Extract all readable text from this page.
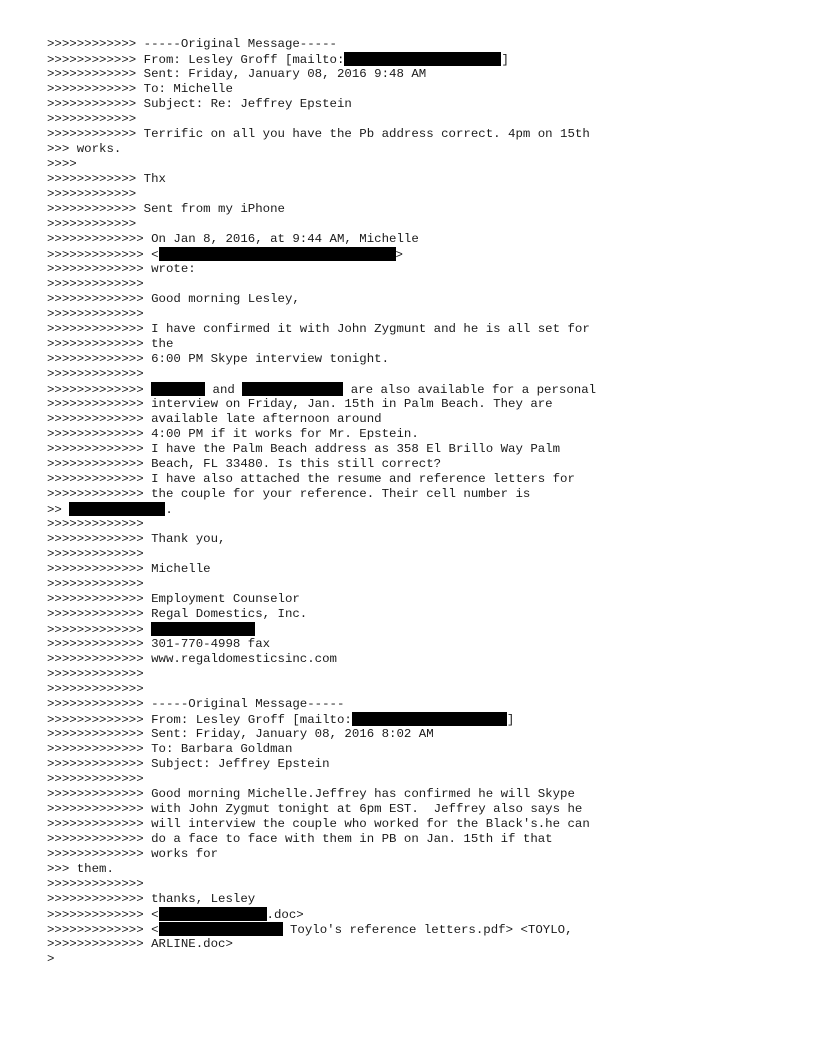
>>>>>>>>>>>> -----Original Message-----
>>>>>>>>>>>> From: Lesley Groff [mailto:	]
>>>>>>>>>>>> Sent: Friday, January 08, 2016 9:48 AM
>>>>>>>>>>>> To: Michelle
>>>>>>>>>>>> Subject: Re: Jeffrey Epstein
>>>>>>>>>>>>
>>>>>>>>>>>> Terrific on all you have the Pb address correct. 4pm on 15th
>>> works.
>>>>
>>>>>>>>>>>> Thx
>>>>>>>>>>>>
>>>>>>>>>>>> Sent from my iPhone
>>>>>>>>>>>>
>>>>>>>>>>>>> On Jan 8, 2016, at 9:44 AM, Michelle
>>>>>>>>>>>>> <	>
>>>>>>>>>>>>> wrote:
>>>>>>>>>>>>>
>>>>>>>>>>>>> Good morning Lesley,
>>>>>>>>>>>>>
>>>>>>>>>>>>> I have confirmed it with John Zygmunt and he is all set for
>>>>>>>>>>>>> the
>>>>>>>>>>>>> 6:00 PM Skype interview tonight.
>>>>>>>>>>>>>
>>>>>>>>>>>>>	and	are also available for a personal
>>>>>>>>>>>>> interview on Friday, Jan. 15th in Palm Beach. They are
>>>>>>>>>>>>> available late afternoon around
>>>>>>>>>>>>> 4:00 PM if it works for Mr. Epstein.
>>>>>>>>>>>>> I have the Palm Beach address as 358 El Brillo Way Palm
>>>>>>>>>>>>> Beach, FL 33480. Is this still correct?
>>>>>>>>>>>>> I have also attached the resume and reference letters for
>>>>>>>>>>>>> the couple for your reference. Their cell number is
>>	.
>>>>>>>>>>>>>
>>>>>>>>>>>>> Thank you,
>>>>>>>>>>>>>
>>>>>>>>>>>>> Michelle
>>>>>>>>>>>>>
>>>>>>>>>>>>> Employment Counselor
>>>>>>>>>>>>> Regal Domestics, Inc.
>>>>>>>>>>>>>
>>>>>>>>>>>>> 301-770-4998 fax
>>>>>>>>>>>>> www.regaldomesticsinc.com
>>>>>>>>>>>>>
>>>>>>>>>>>>>
>>>>>>>>>>>>> -----Original Message-----
>>>>>>>>>>>>> From: Lesley Groff [mailto:	]
>>>>>>>>>>>>> Sent: Friday, January 08, 2016 8:02 AM
>>>>>>>>>>>>> To: Barbara Goldman
>>>>>>>>>>>>> Subject: Jeffrey Epstein
>>>>>>>>>>>>>
>>>>>>>>>>>>> Good morning Michelle.Jeffrey has confirmed he will Skype
>>>>>>>>>>>>> with John Zygmut tonight at 6pm EST.  Jeffrey also says he
>>>>>>>>>>>>> will interview the couple who worked for the Black's.he can
>>>>>>>>>>>>> do a face to face with them in PB on Jan. 15th if that
>>>>>>>>>>>>> works for
>>> them.
>>>>>>>>>>>>>
>>>>>>>>>>>>> thanks, Lesley
>>>>>>>>>>>>> <	.doc>
>>>>>>>>>>>>> <	Toylo's reference letters.pdf> <TOYLO,
>>>>>>>>>>>>> ARLINE.doc>
>
